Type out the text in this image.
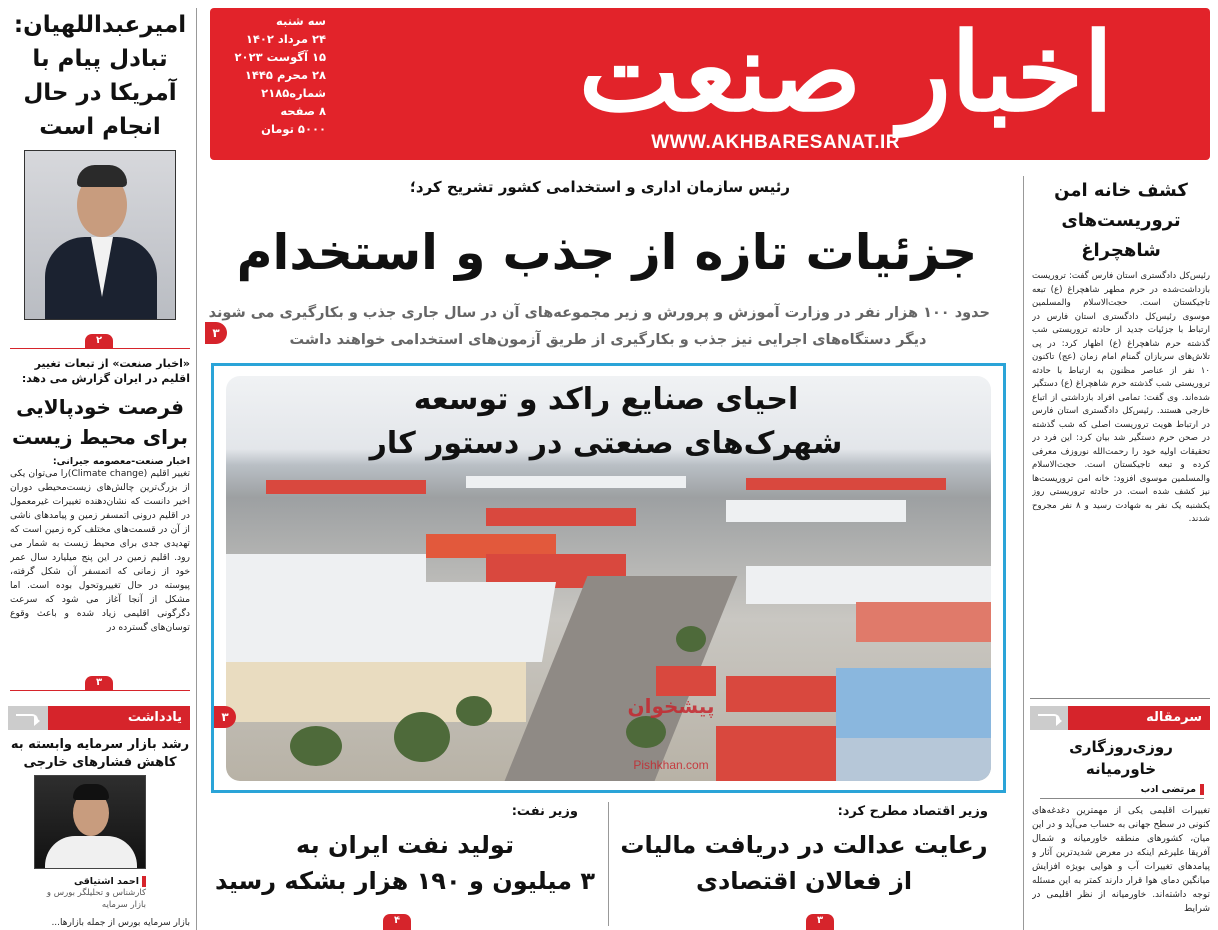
اخبار صنعت
WWW.AKHBARESANAT.IR
سه شنبه
۲۴ مرداد ۱۴۰۲
۱۵ آگوست ۲۰۲۳
۲۸ محرم ۱۴۴۵
شماره۲۱۸۵
۸ صفحه
۵۰۰۰ تومان
امیرعبداللهیان: تبادل پیام با آمریکا در حال انجام است
۲
«اخبار صنعت» از تبعات تغییر اقلیم در ایران گزارش می دهد:
فرصت خودپالایی برای محیط زیست
اخبار صنعت-معصومه جیرانی:
تغییر اقلیم (Climate change)را می‌توان یکی از بزرگ‌ترین چالش‌های زیست‌محیطی دوران اخیر دانست که نشان‌دهنده تغییرات غیرمعمول در اقلیم درونی اتمسفر زمین و پیامدهای ناشی از آن در قسمت‌های مختلف کره زمین است که تهدیدی جدی برای محیط زیست به شمار می رود. اقلیم زمین در این پنج میلیارد سال عمر خود از زمانی که اتمسفر آن شکل گرفته، پیوسته در حال تغییروتحول بوده است. اما مشکل از آنجا آغاز می شود که سرعت دگرگونی اقلیمی زیاد شده و باعث وقوع توسان‌های گسترده در
۳
یادداشت
رشد بازار سرمایه وابسته به کاهش فشارهای خارجی
احمد اشتیاقی
کارشناس و تحلیلگر بورس و بازار سرمایه
بازار سرمایه بورس از جمله بازارها...
رئیس سازمان اداری و استخدامی کشور تشریح کرد؛
جزئیات تازه از جذب و استخدام
حدود ۱۰۰ هزار نفر در وزارت آموزش و پرورش و زیر مجموعه‌های آن در سال جاری جذب و بکارگیری می شوند
دیگر دستگاه‌های اجرایی نیز جذب و بکارگیری از طریق آزمون‌های استخدامی خواهند داشت
۳
احیای صنایع راکد و توسعه
شهرک‌های صنعتی در دستور کار
پیشخوان
Pishkhan.com
۳
وزیر اقتصاد مطرح کرد:
رعایت عدالت در دریافت مالیات
از فعالان اقتصادی
۳
وزیر نفت:
تولید نفت ایران به
۳ میلیون و ۱۹۰ هزار بشکه رسید
۴
کشف خانه امن تروریست‌های شاهچراغ
رئیس‌کل دادگستری استان فارس گفت: تروریست بازداشت‌شده در حرم مطهر شاهچراغ (ع) تبعه تاجیکستان است. حجت‌الاسلام والمسلمین موسوی رئیس‌کل دادگستری استان فارس در ارتباط با جزئیات جدید از حادثه تروریستی شب گذشته حرم شاهچراغ (ع) اظهار کرد: در پی تلاش‌های سربازان گمنام امام زمان (عج) تاکنون ۱۰ نفر از عناصر مظنون به ارتباط با حادثه تروریستی شب گذشته حرم شاهچراغ (ع) دستگیر شده‌اند. وی گفت: تمامی افراد بازداشتی از اتباع خارجی هستند. رئیس‌کل دادگستری استان فارس در ارتباط هویت تروریست اصلی که شب گذشته در صحن حرم دستگیر شد بیان کرد: این فرد در تحقیقات اولیه خود را رحمت‌الله نوروزف معرفی کرده و تبعه تاجیکستان است. حجت‌الاسلام والمسلمین موسوی افزود: خانه امن تروریست‌ها نیز کشف شده است. در حادثه تروریستی روز یکشنبه یک نفر به شهادت رسید و ۸ نفر مجروح شدند.
سرمقاله
روزی‌روزگاری خاورمیانه
مرتضی ادب
تغییرات اقلیمی یکی از مهمترین دغدغه‌های کنونی در سطح جهانی به حساب می‌آید و در این میان، کشورهای منطقه خاورمیانه و شمال آفریقا علیرغم اینکه در معرض شدیدترین آثار و پیامدهای تغییرات آب و هوایی بویژه افزایش میانگین دمای هوا قرار دارند کمتر به این مسئله توجه داشته‌اند. خاورمیانه از نظر اقلیمی در شرایط
